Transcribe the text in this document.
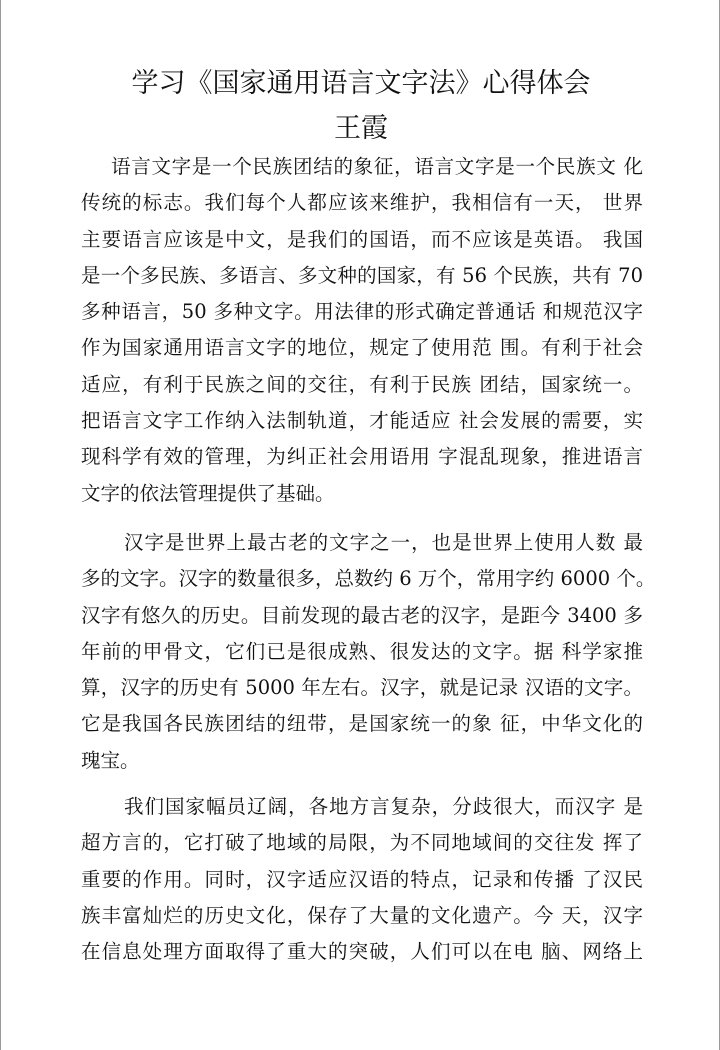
学习《国家通用语言文字法》心得体会
王霞
语言文字是一个民族团结的象征，语言文字是一个民族文 化
传统的标志。我们每个人都应该来维护，我相信有一天， 世界
主要语言应该是中文，是我们的国语，而不应该是英语。 我国
是一个多民族、多语言、多文种的国家，有 56 个民族，共有 70
多种语言，50 多种文字。用法律的形式确定普通话 和规范汉字
作为国家通用语言文字的地位，规定了使用范 围。有利于社会
适应，有利于民族之间的交往，有利于民族 团结，国家统一。
把语言文字工作纳入法制轨道，才能适应 社会发展的需要，实
现科学有效的管理，为纠正社会用语用 字混乱现象，推进语言
文字的依法管理提供了基础。
汉字是世界上最古老的文字之一，也是世界上使用人数 最
多的文字。汉字的数量很多，总数约 6 万个，常用字约 6000 个。
汉字有悠久的历史。目前发现的最古老的汉字，是距今 3400 多
年前的甲骨文，它们已是很成熟、很发达的文字。据 科学家推
算，汉字的历史有 5000 年左右。汉字，就是记录 汉语的文字。
它是我国各民族团结的纽带，是国家统一的象 征，中华文化的
瑰宝。
我们国家幅员辽阔，各地方言复杂，分歧很大，而汉字 是
超方言的，它打破了地域的局限，为不同地域间的交往发 挥了
重要的作用。同时，汉字适应汉语的特点，记录和传播 了汉民
族丰富灿烂的历史文化，保存了大量的文化遗产。今 天，汉字
在信息处理方面取得了重大的突破，人们可以在电 脑、网络上
